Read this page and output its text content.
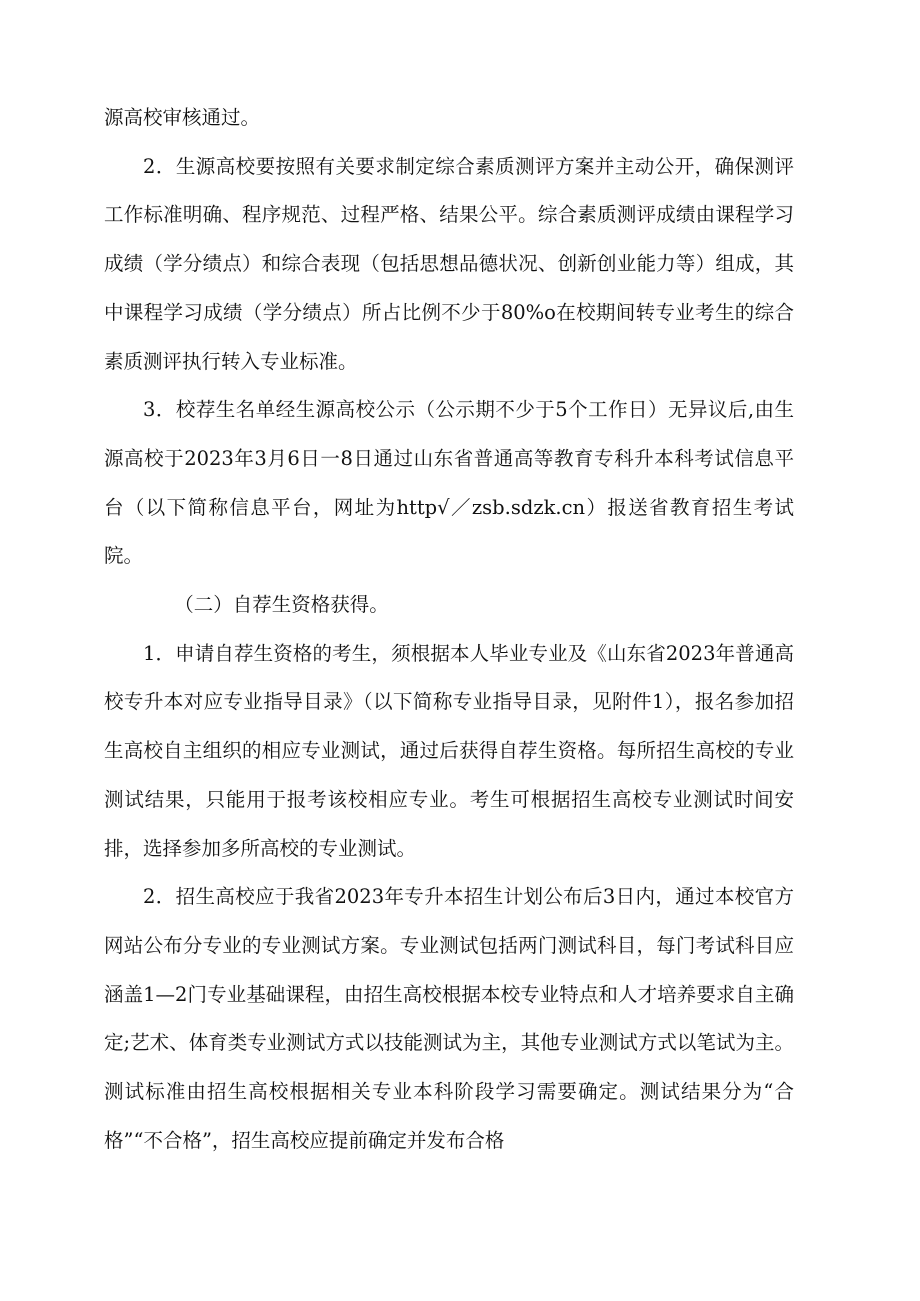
源高校审核通过。

2．生源高校要按照有关要求制定综合素质测评方案并主动公开，确保测评工作标准明确、程序规范、过程严格、结果公平。综合素质测评成绩由课程学习成绩（学分绩点）和综合表现（包括思想品德状况、创新创业能力等）组成，其中课程学习成绩（学分绩点）所占比例不少于80%o在校期间转专业考生的综合素质测评执行转入专业标准。

3．校荐生名单经生源高校公示（公示期不少于5个工作日）无异议后,由生源高校于2023年3月6日一8日通过山东省普通高等教育专科升本科考试信息平台（以下简称信息平台，网址为http√／zsb.sdzk.cn）报送省教育招生考试院。

（二）自荐生资格获得。

1．申请自荐生资格的考生，须根据本人毕业专业及《山东省2023年普通高校专升本对应专业指导目录》（以下简称专业指导目录，见附件1），报名参加招生高校自主组织的相应专业测试，通过后获得自荐生资格。每所招生高校的专业测试结果，只能用于报考该校相应专业。考生可根据招生高校专业测试时间安排，选择参加多所高校的专业测试。

2．招生高校应于我省2023年专升本招生计划公布后3日内，通过本校官方网站公布分专业的专业测试方案。专业测试包括两门测试科目，每门考试科目应涵盖1—2门专业基础课程，由招生高校根据本校专业特点和人才培养要求自主确定;艺术、体育类专业测试方式以技能测试为主，其他专业测试方式以笔试为主。测试标准由招生高校根据相关专业本科阶段学习需要确定。测试结果分为“合格”“不合格”，招生高校应提前确定并发布合格
